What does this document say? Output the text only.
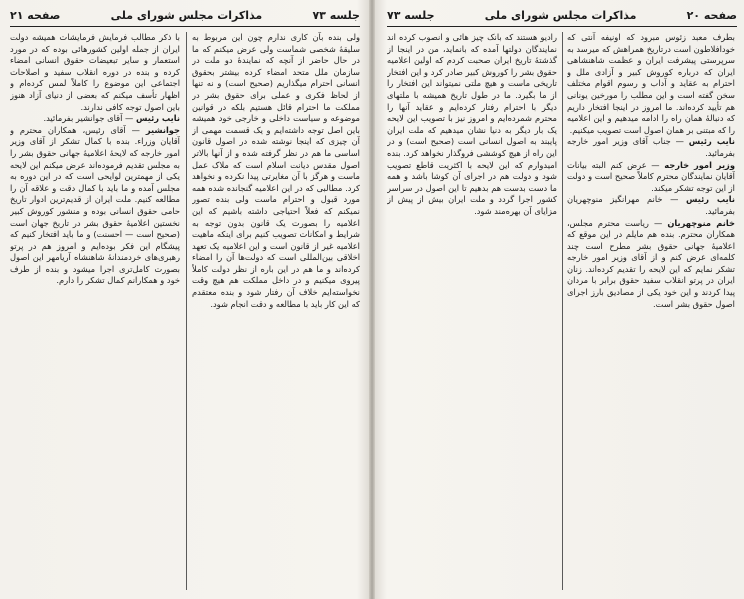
جلسه ۷۳
مذاکرات مجلس شورای ملی
صفحه ۲۱

ولی بنده بآن کاری ندارم چون این مربوط به سلیقهٔ شخصی شماست ولی عرض میکنم که ما در حال حاضر از آنچه که نمایندهٔ دو ملت در سازمان ملل متحد امضاء کرده بیشتر بحقوق انسانی احترام میگذاریم (صحیح است) و نه تنها از لحاظ فکری و عملی برای حقوق بشر در مملکت ما احترام قائل هستیم بلکه در قوانین موضوعه و سیاست داخلی و خارجی خود همیشه باین اصل توجه داشته‌ایم و یک قسمت مهمی از آن چیزی که اینجا نوشته شده در اصول قانون اساسی ما هم در نظر گرفته شده و از آنها بالاتر اصول مقدس دیانت اسلام است که ملاک عمل ماست و هرگز با آن مغایرتی پیدا نکرده و نخواهد کرد. مطالبی که در این اعلامیه گنجانده شده همه مورد قبول و احترام ماست ولی بنده تصور نمیکنم که فعلاً احتیاجی داشته باشیم که این اعلامیه را بصورت یک قانون بدون توجه به شرایط و امکانات تصویب کنیم برای اینکه ماهیت اعلامیه غیر از قانون است و این اعلامیه یک تعهد اخلاقی بین‌المللی است که دولت‌ها آن را امضاء کرده‌اند و ما هم در این باره از نظر دولت کاملاً پیروی میکنیم و در داخل مملکت هم هیچ وقت نخواسته‌ایم خلاف آن رفتار شود و بنده معتقدم که این کار باید با مطالعه و دقت انجام شود.

با ذکر مطالب فرمایش فرمایشات همیشه دولت ایران از جمله اولین کشورهائی بوده که در مورد استعمار و سایر تبعیضات حقوق انسانی امضاء کرده و بنده در دوره انقلاب سفید و اصلاحات اجتماعی این موضوع را کاملاً لمس کرده‌ام و اظهار تأسف میکنم که بعضی از دنیای آزاد هنوز باین اصول توجه کافی ندارند.

نایب رئیس — آقای جوانشیر بفرمائید.

جوانشیر — آقای رئیس، همکاران محترم و آقایان وزراء. بنده با کمال تشکر از آقای وزیر امور خارجه که لایحهٔ اعلامیهٔ جهانی حقوق بشر را به مجلس تقدیم فرموده‌اند عرض میکنم این لایحه یکی از مهمترین لوایحی است که در این دوره به مجلس آمده و ما باید با کمال دقت و علاقه آن را مطالعه کنیم. ملت ایران از قدیم‌ترین ادوار تاریخ حامی حقوق انسانی بوده و منشور کوروش کبیر نخستین اعلامیهٔ حقوق بشر در تاریخ جهان است (صحیح است — احسنت) و ما باید افتخار کنیم که پیشگام این فکر بوده‌ایم و امروز هم در پرتو رهبری‌های خردمندانهٔ شاهنشاه آریامهر این اصول بصورت کامل‌تری اجرا میشود و بنده از طرف خود و همکارانم کمال تشکر را دارم.

صفحه ۲۰
مذاکرات مجلس شورای ملی
جلسه ۷۳

بطرف معبد زئوس مبرود که اونیفه آنتی که خودافلاطون است درتاریخ همراهش که میرسد به سرپرستی پیشرفت ایران و عظمت شاهنشاهی ایران که درباره کوروش کبیر و آزادی ملل و احترام به عقاید و آداب و رسوم اقوام مختلف سخن گفته است و این مطلب را مورخین یونانی هم تأیید کرده‌اند. ما امروز در اینجا افتخار داریم که دنبالهٔ همان راه را ادامه میدهیم و این اعلامیه را که مبتنی بر همان اصول است تصویب میکنیم.

نایب رئیس — جناب آقای وزیر امور خارجه بفرمائید.

وزیر امور خارجه — عرض کنم البته بیانات آقایان نمایندگان محترم کاملاً صحیح است و دولت از این توجه تشکر میکند.

نایب رئیس — خانم مهرانگیز منوچهریان بفرمائید.

خانم منوچهریان — ریاست محترم مجلس، همکاران محترم. بنده هم مایلم در این موقع که اعلامیهٔ جهانی حقوق بشر مطرح است چند کلمه‌ای عرض کنم و از آقای وزیر امور خارجه تشکر نمایم که این لایحه را تقدیم کرده‌اند. زنان ایران در پرتو انقلاب سفید حقوق برابر با مردان پیدا کردند و این خود یکی از مصادیق بارز اجرای اصول حقوق بشر است.

رادیو هستند که بانک چیز هائی و انصوب کرده اند نمایندگان دولتها آمده که بانماید، من در اینجا از گذشتهٔ تاریخ ایران صحبت کردم که اولین اعلامیه حقوق بشر را کوروش کبیر صادر کرد و این افتخار تاریخی ماست و هیچ ملتی نمیتواند این افتخار را از ما بگیرد. ما در طول تاریخ همیشه با ملتهای دیگر با احترام رفتار کرده‌ایم و عقاید آنها را محترم شمرده‌ایم و امروز نیز با تصویب این لایحه یک بار دیگر به دنیا نشان میدهیم که ملت ایران پایبند به اصول انسانی است (صحیح است) و در این راه از هیچ کوششی فروگذار نخواهد کرد. بنده امیدوارم که این لایحه با اکثریت قاطع تصویب شود و دولت هم در اجرای آن کوشا باشد و همه ما دست بدست هم بدهیم تا این اصول در سراسر کشور اجرا گردد و ملت ایران بیش از پیش از مزایای آن بهره‌مند شود.
